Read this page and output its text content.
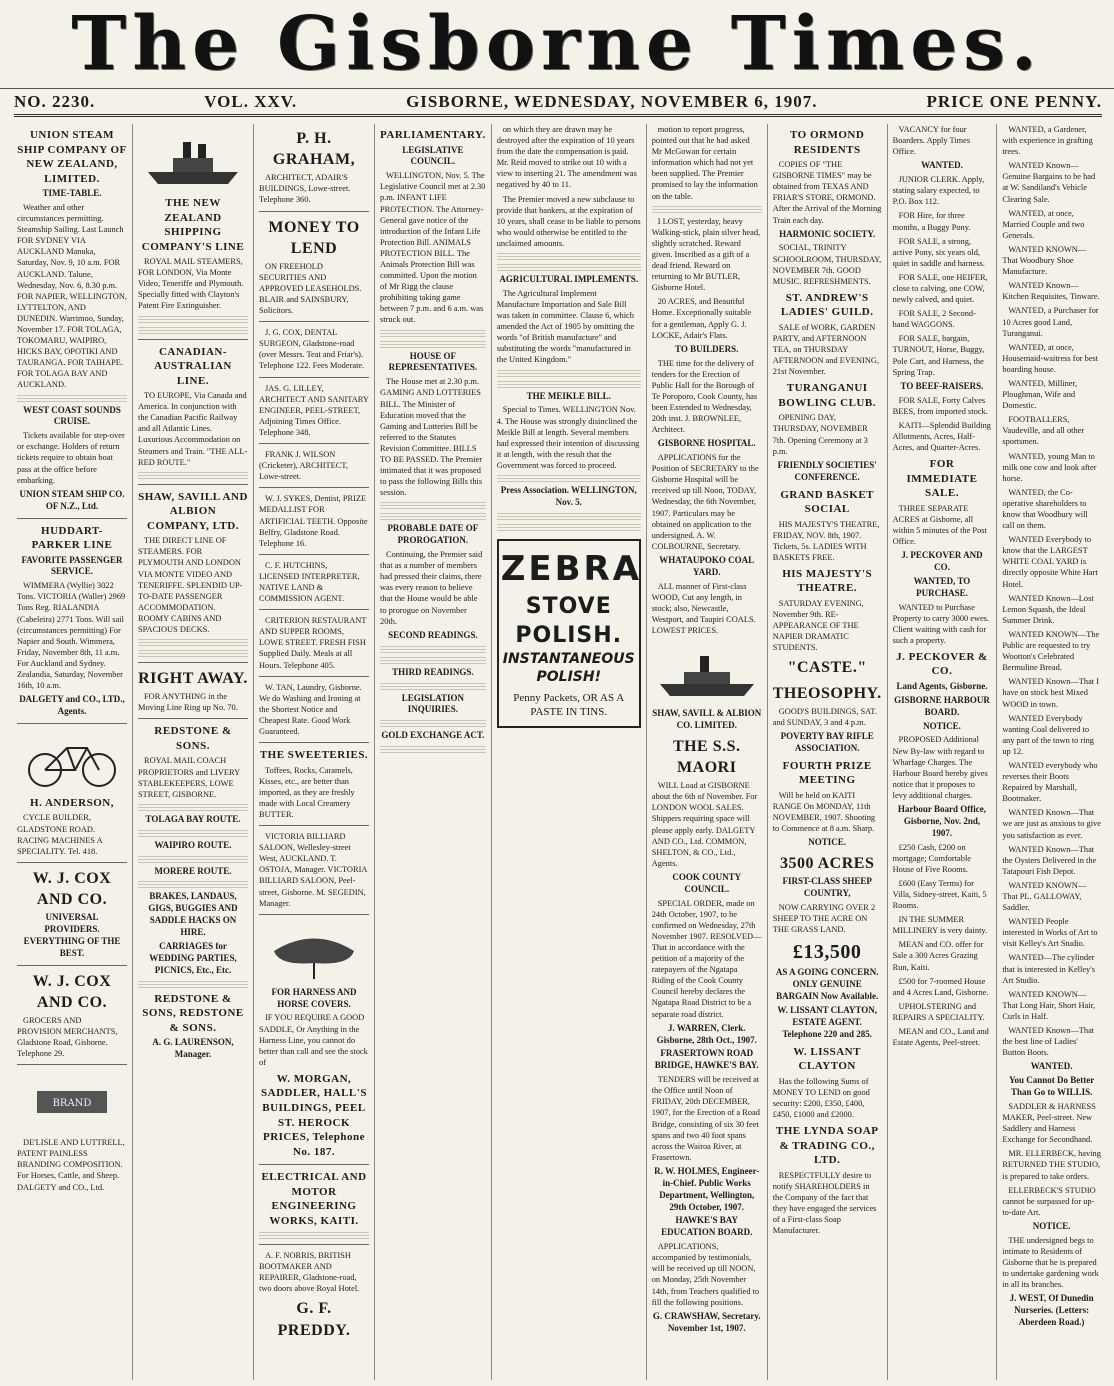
The Gisborne Times.
NO. 2230.	VOL. XXV.	GISBORNE, WEDNESDAY, NOVEMBER 6, 1907.	PRICE ONE PENNY.
UNION STEAM SHIP COMPANY OF NEW ZEALAND, LIMITED.
TIME-TABLE.

Weather and other circumstances permitting. Steamship Sailing. Last Launch FOR SYDNEY VIA AUCKLAND Manuka, Saturday, Nov. 9, 10 a.m. FOR AUCKLAND. Talune, Wednesday, Nov. 6, 8.30 p.m. FOR NAPIER, WELLINGTON, LYTTELTON, AND DUNEDIN. Warrimoo, Sunday, November 17. FOR TOLAGA, TOKOMARU, WAIPIRO, HICKS BAY, OPOTIKI AND TAURANGA. FOR TAIHAPE. FOR TOLAGA BAY AND AUCKLAND.

WEST COAST SOUNDS CRUISE.

Tickets available for step-over or exchange. Holders of return tickets require to obtain boat pass at the office before embarking.

UNION STEAM SHIP CO. OF N.Z., Ltd.
HUDDART-PARKER LINE
FAVORITE PASSENGER SERVICE.

WIMMERA (Wyllie) 3022 Tons. VICTORIA (Waller) 2969 Tons Reg. RIALANDIA (Cabeleira) 2771 Tons. Will sail (circumstances permitting) For Napier and South. Wimmera, Friday, November 8th, 11 a.m. For Auckland and Sydney. Zealandia, Saturday, November 16th, 10 a.m.

DALGETY and CO., LTD., Agents.
H. ANDERSON,

CYCLE BUILDER, GLADSTONE ROAD. RACING MACHINES A SPECIALITY. Tel. 418.

W. J. COX AND CO.
UNIVERSAL PROVIDERS. EVERYTHING OF THE BEST.
W. J. COX AND CO.

GROCERS AND PROVISION MERCHANTS, Gladstone Road, Gisborne. Telephone 29.

BRAND

DE'LISLE AND LUTTRELL, PATENT PAINLESS BRANDING COMPOSITION. For Horses, Cattle, and Sheep. DALGETY and CO., Ltd.

THE NEW ZEALAND SHIPPING COMPANY'S LINE

ROYAL MAIL STEAMERS, FOR LONDON, Via Monte Video, Teneriffe and Plymouth. Specially fitted with Clayton's Patent Fire Extinguisher.

CANADIAN-AUSTRALIAN LINE.

TO EUROPE, Via Canada and America. In conjunction with the Canadian Pacific Railway and all Atlantic Lines. Luxurious Accommodation on Steamers and Train. "THE ALL-RED ROUTE."

SHAW, SAVILL AND ALBION COMPANY, LTD.

THE DIRECT LINE OF STEAMERS. FOR PLYMOUTH AND LONDON VIA MONTE VIDEO AND TENERIFFE. SPLENDID UP-TO-DATE PASSENGER ACCOMMODATION. ROOMY CABINS AND SPACIOUS DECKS.

RIGHT AWAY.

FOR ANYTHING in the Moving Line Ring up No. 70.

REDSTONE & SONS.

ROYAL MAIL COACH PROPRIETORS and LIVERY STABLEKEEPERS, LOWE STREET, GISBORNE.

TOLAGA BAY ROUTE.
WAIPIRO ROUTE.
MORERE ROUTE.
BRAKES, LANDAUS, GIGS, BUGGIES AND SADDLE HACKS ON HIRE.
CARRIAGES for WEDDING PARTIES, PICNICS, Etc., Etc.
REDSTONE & SONS, REDSTONE & SONS.
A. G. LAURENSON, Manager.
P. H. GRAHAM,

ARCHITECT, ADAIR'S BUILDINGS, Lowe-street. Telephone 360.

MONEY TO LEND

ON FREEHOLD SECURITIES AND APPROVED LEASEHOLDS. BLAIR and SAINSBURY, Solicitors.

J. G. COX, DENTAL SURGEON, Gladstone-road (over Messrs. Teat and Friar's). Telephone 122. Fees Moderate.

JAS. G. LILLEY, ARCHITECT AND SANITARY ENGINEER, PEEL-STREET, Adjoining Times Office. Telephone 348.

FRANK J. WILSON (Cricketer), ARCHITECT, Lowe-street.

W. J. SYKES, Dentist, PRIZE MEDALLIST FOR ARTIFICIAL TEETH. Opposite Belfry, Gladstone Road. Telephone 16.

C. F. HUTCHINS, LICENSED INTERPRETER, NATIVE LAND & COMMISSION AGENT.

CRITERION RESTAURANT AND SUPPER ROOMS, LOWE STREET. FRESH FISH Supplied Daily. Meals at all Hours. Telephone 405.

W. TAN, Laundry, Gisborne. We do Washing and Ironing at the Shortest Notice and Cheapest Rate. Good Work Guaranteed.

THE SWEETERIES.

Toffees, Rocks, Caramels, Kisses, etc., are better than imported, as they are freshly made with Local Creamery BUTTER.

VICTORIA BILLIARD SALOON, Wellesley-street West, AUCKLAND. T. OSTOJA, Manager. VICTORIA BILLIARD SALOON, Peel-street, Gisborne. M. SEGEDIN, Manager.

FOR HARNESS AND HORSE COVERS.

IF YOU REQUIRE A GOOD SADDLE, Or Anything in the Harness Line, you cannot do better than call and see the stock of

W. MORGAN, SADDLER, HALL'S BUILDINGS, PEEL ST. HEROCK PRICES, Telephone No. 187.
ELECTRICAL AND MOTOR ENGINEERING WORKS, KAITI.

A. F. NORRIS, BRITISH BOOTMAKER AND REPAIRER, Gladstone-road, two doors above Royal Hotel.

G. F. PREDDY.
PARLIAMENTARY.
LEGISLATIVE COUNCIL.

WELLINGTON, Nov. 5. The Legislative Council met at 2.30 p.m. INFANT LIFE PROTECTION. The Attorney-General gave notice of the introduction of the Infant Life Protection Bill. ANIMALS PROTECTION BILL. The Animals Protection Bill was committed. Upon the motion of Mr Rigg the clause prohibiting taking game between 7 p.m. and 6 a.m. was struck out.

HOUSE OF REPRESENTATIVES.

The House met at 2.30 p.m. GAMING AND LOTTERIES BILL. The Minister of Education moved that the Gaming and Lotteries Bill be referred to the Statutes Revision Committee. BILLS TO BE PASSED. The Premier intimated that it was proposed to pass the following Bills this session.

PROBABLE DATE OF PROROGATION.

Continuing, the Premier said that as a number of members had pressed their claims, there was every reason to believe that the House would be able to prorogue on November 20th.

SECOND READINGS.
THIRD READINGS.
LEGISLATION INQUIRIES.
GOLD EXCHANGE ACT.

on which they are drawn may be destroyed after the expiration of 10 years from the date the compensation is paid. Mr. Reid moved to strike out 10 with a view to inserting 21. The amendment was negatived by 40 to 11.

The Premier moved a new subclause to provide that bankers, at the expiration of 10 years, shall cease to be liable to persons who would otherwise be entitled to the unclaimed amounts.

AGRICULTURAL IMPLEMENTS.

The Agricultural Implement Manufacture Importation and Sale Bill was taken in committee. Clause 6, which amended the Act of 1905 by omitting the words "of British manufacture" and substituting the words "manufactured in the United Kingdom."

THE MEIKLE BILL.

Special to Times. WELLINGTON Nov. 4. The House was strongly disinclined the Meikle Bill at length. Several members had expressed their intention of discussing it at length, with the result that the Government was forced to proceed.

Press Association. WELLINGTON, Nov. 5.
ZEBRA
STOVE POLISH.
INSTANTANEOUS POLISH!
Penny Packets, OR AS A PASTE IN TINS.

motion to report progress, pointed out that he had asked Mr McGowan for certain information which had not yet been supplied. The Premier promised to lay the information on the table.

I LOST, yesterday, heavy Walking-stick, plain silver head, slightly scratched. Reward given. Inscribed as a gift of a dead friend. Reward on returning to Mr BUTLER, Gisborne Hotel.

20 ACRES, and Beautiful Home. Exceptionally suitable for a gentleman, Apply G. J. LOCKE, Adair's Flats.

TO BUILDERS.

THE time for the delivery of tenders for the Erection of Public Hall for the Borough of Te Poroporo, Cook County, has been Extended to Wednesday, 20th inst. J. BROWNLEE, Architect.

GISBORNE HOSPITAL.

APPLICATIONS for the Position of SECRETARY to the Gisborne Hospital will be received up till Noon, TODAY, Wednesday, the 6th November, 1907. Particulars may be obtained on application to the undersigned. A. W. COLBOURNE, Secretary.

WHATAUPOKO COAL YARD.

ALL manner of First-class WOOD, Cut any length, in stock; also, Newcastle, Westport, and Taupiri COALS. LOWEST PRICES.

SHAW, SAVILL & ALBION CO. LIMITED.
THE S.S. MAORI

WILL Load at GISBORNE about the 6th of November. For LONDON WOOL SALES. Shippers requiring space will please apply early. DALGETY AND CO., Ltd. COMMON, SHELTON, & CO., Ltd., Agents.

COOK COUNTY COUNCIL.

SPECIAL ORDER, made on 24th October, 1907, to be confirmed on Wednesday, 27th November 1907. RESOLVED—That in accordance with the petition of a majority of the ratepayers of the Ngatapa Riding of the Cook County Council hereby declares the Ngatapa Road District to be a separate road district.

J. WARREN, Clerk. Gisborne, 28th Oct., 1907.
FRASERTOWN ROAD BRIDGE, HAWKE'S BAY.

TENDERS will be received at the Office until Noon of FRIDAY, 20th DECEMBER, 1907, for the Erection of a Road Bridge, consisting of six 30 feet spans and two 40 foot spans across the Wairoa River, at Frasertown.

R. W. HOLMES, Engineer-in-Chief. Public Works Department, Wellington, 29th October, 1907.
HAWKE'S BAY EDUCATION BOARD.

APPLICATIONS, accompanied by testimonials, will be received up till NOON, on Monday, 25th November 14th, from Teachers qualified to fill the following positions.

G. CRAWSHAW, Secretary. November 1st, 1907.
TO ORMOND RESIDENTS

COPIES OF "THE GISBORNE TIMES" may be obtained from TEXAS AND FRIAR'S STORE, ORMOND. After the Arrival of the Morning Train each day.

HARMONIC SOCIETY.

SOCIAL, TRINITY SCHOOLROOM, THURSDAY, NOVEMBER 7th. GOOD MUSIC. REFRESHMENTS.

ST. ANDREW'S LADIES' GUILD.

SALE of WORK, GARDEN PARTY, and AFTERNOON TEA, on THURSDAY AFTERNOON and EVENING, 21st November.

TURANGANUI BOWLING CLUB.

OPENING DAY, THURSDAY, NOVEMBER 7th. Opening Ceremony at 3 p.m.

FRIENDLY SOCIETIES' CONFERENCE.
GRAND BASKET SOCIAL

HIS MAJESTY'S THEATRE, FRIDAY, NOV. 8th, 1907. Tickets, 5s. LADIES WITH BASKETS FREE.

HIS MAJESTY'S THEATRE.

SATURDAY EVENING, November 9th. RE-APPEARANCE OF THE NAPIER DRAMATIC STUDENTS.

"CASTE."
THEOSOPHY.

GOOD'S BUILDINGS, SAT. and SUNDAY, 3 and 4 p.m.

POVERTY BAY RIFLE ASSOCIATION.
FOURTH PRIZE MEETING

Will be held on KAITI RANGE On MONDAY, 11th NOVEMBER, 1907. Shooting to Commence at 8 a.m. Sharp.

NOTICE.
3500 ACRES
FIRST-CLASS SHEEP COUNTRY,

NOW CARRYING OVER 2 SHEEP TO THE ACRE ON THE GRASS LAND.

£13,500
AS A GOING CONCERN. ONLY GENUINE BARGAIN Now Available.
W. LISSANT CLAYTON, ESTATE AGENT. Telephone 220 and 285.
W. LISSANT CLAYTON

Has the following Sums of MONEY TO LEND on good security: £200, £350, £400, £450, £1000 and £2000.

THE LYNDA SOAP & TRADING CO., LTD.

RESPECTFULLY desire to notify SHAREHOLDERS in the Company of the fact that they have engaged the services of a First-class Soap Manufacturer.

VACANCY for four Boarders. Apply Times Office.

WANTED.

JUNIOR CLERK. Apply, stating salary expected, to P.O. Box 112.

FOR Hire, for three months, a Buggy Pony.

FOR SALE, a strong, active Pony, six years old, quiet in saddle and harness.

FOR SALE, one HEIFER, close to calving, one COW, newly calved, and quiet.

FOR SALE, 2 Second-hand WAGGONS.

FOR SALE, bargain, TURNOUT, Horse, Buggy, Pole Cart, and Harness, the Spring Trap.

TO BEEF-RAISERS.

FOR SALE, Forty Calves BEES, from imported stock.

KAITI—Splendid Building Allotments, Acres, Half-Acres, and Quarter-Acres.

FOR IMMEDIATE SALE.

THREE SEPARATE ACRES at Gisborne, all within 5 minutes of the Post Office.

J. PECKOVER AND CO.
WANTED, TO PURCHASE.

WANTED to Purchase Property to carry 3000 ewes. Client waiting with cash for such a property.

J. PECKOVER & CO.
Land Agents, Gisborne.
GISBORNE HARBOUR BOARD.
NOTICE.

PROPOSED Additional New By-law with regard to Wharfage Charges. The Harbour Board hereby gives notice that it proposes to levy additional charges.

Harbour Board Office, Gisborne, Nov. 2nd, 1907.

£250 Cash, £200 on mortgage; Comfortable House of Five Rooms.

£600 (Easy Terms) for Villa, Sidney-street, Kaiti, 5 Rooms.

IN THE SUMMER MILLINERY is very dainty.

MEAN and CO. offer for Sale a 300 Acres Grazing Run, Kaiti.

£500 for 7-roomed House and 4 Acres Land, Gisborne.

UPHOLSTERING and REPAIRS A SPECIALITY.

MEAN and CO., Land and Estate Agents, Peel-street.

WANTED, a Gardener, with experience in grafting trees.

WANTED Known—Genuine Bargains to be had at W. Sandiland's Vehicle Clearing Sale.

WANTED, at once, Married Couple and two Generals.

WANTED KNOWN—That Woodbury Shoe Manufacture.

WANTED Known—Kitchen Requisites, Tinware.

WANTED, a Purchaser for 10 Acres good Land, Turanganui.

WANTED, at once, Housemaid-waitress for best boarding house.

WANTED, Milliner, Ploughman, Wife and Domestic.

FOOTBALLERS, Vaudeville, and all other sportsmen.

WANTED, young Man to milk one cow and look after horse.

WANTED, the Co-operative shareholders to know that Woodbury will call on them.

WANTED Everybody to know that the LARGEST WHITE COAL YARD is directly opposite White Hart Hotel.

WANTED Known—Lost Lemon Squash, the Ideal Summer Drink.

WANTED KNOWN—The Public are requested to try Wootton's Celebrated Bermuline Bread.

WANTED Known—That I have on stock best Mixed WOOD in town.

WANTED Everybody wanting Coal delivered to any part of the town to ring up 12.

WANTED everybody who reverses their Boots Repaired by Marshall, Bootmaker.

WANTED Known—That we are just as anxious to give you satisfaction as ever.

WANTED Known—That the Oysters Delivered in the Tatapouri Fish Depot.

WANTED KNOWN—That PL. GALLOWAY, Saddler.

WANTED People interested in Works of Art to visit Kelley's Art Studio.

WANTED—The cylinder that is interested in Kelley's Art Studio.

WANTED KNOWN—That Long Hair, Short Hair, Curls in Half.

WANTED Known—That the best line of Ladies' Button Boots.

WANTED.
You Cannot Do Better Than Go to WILLIS.

SADDLER & HARNESS MAKER, Peel-street. New Saddlery and Harness Exchange for Secondhand.

MR. ELLERBECK, having RETURNED THE STUDIO, is prepared to take orders.

ELLERBECK'S STUDIO cannot be surpassed for up-to-date Art.

NOTICE.

THE undersigned begs to intimate to Residents of Gisborne that he is prepared to undertake gardening work in all its branches.

J. WEST, Of Dunedin Nurseries. (Letters: Aberdeen Road.)
